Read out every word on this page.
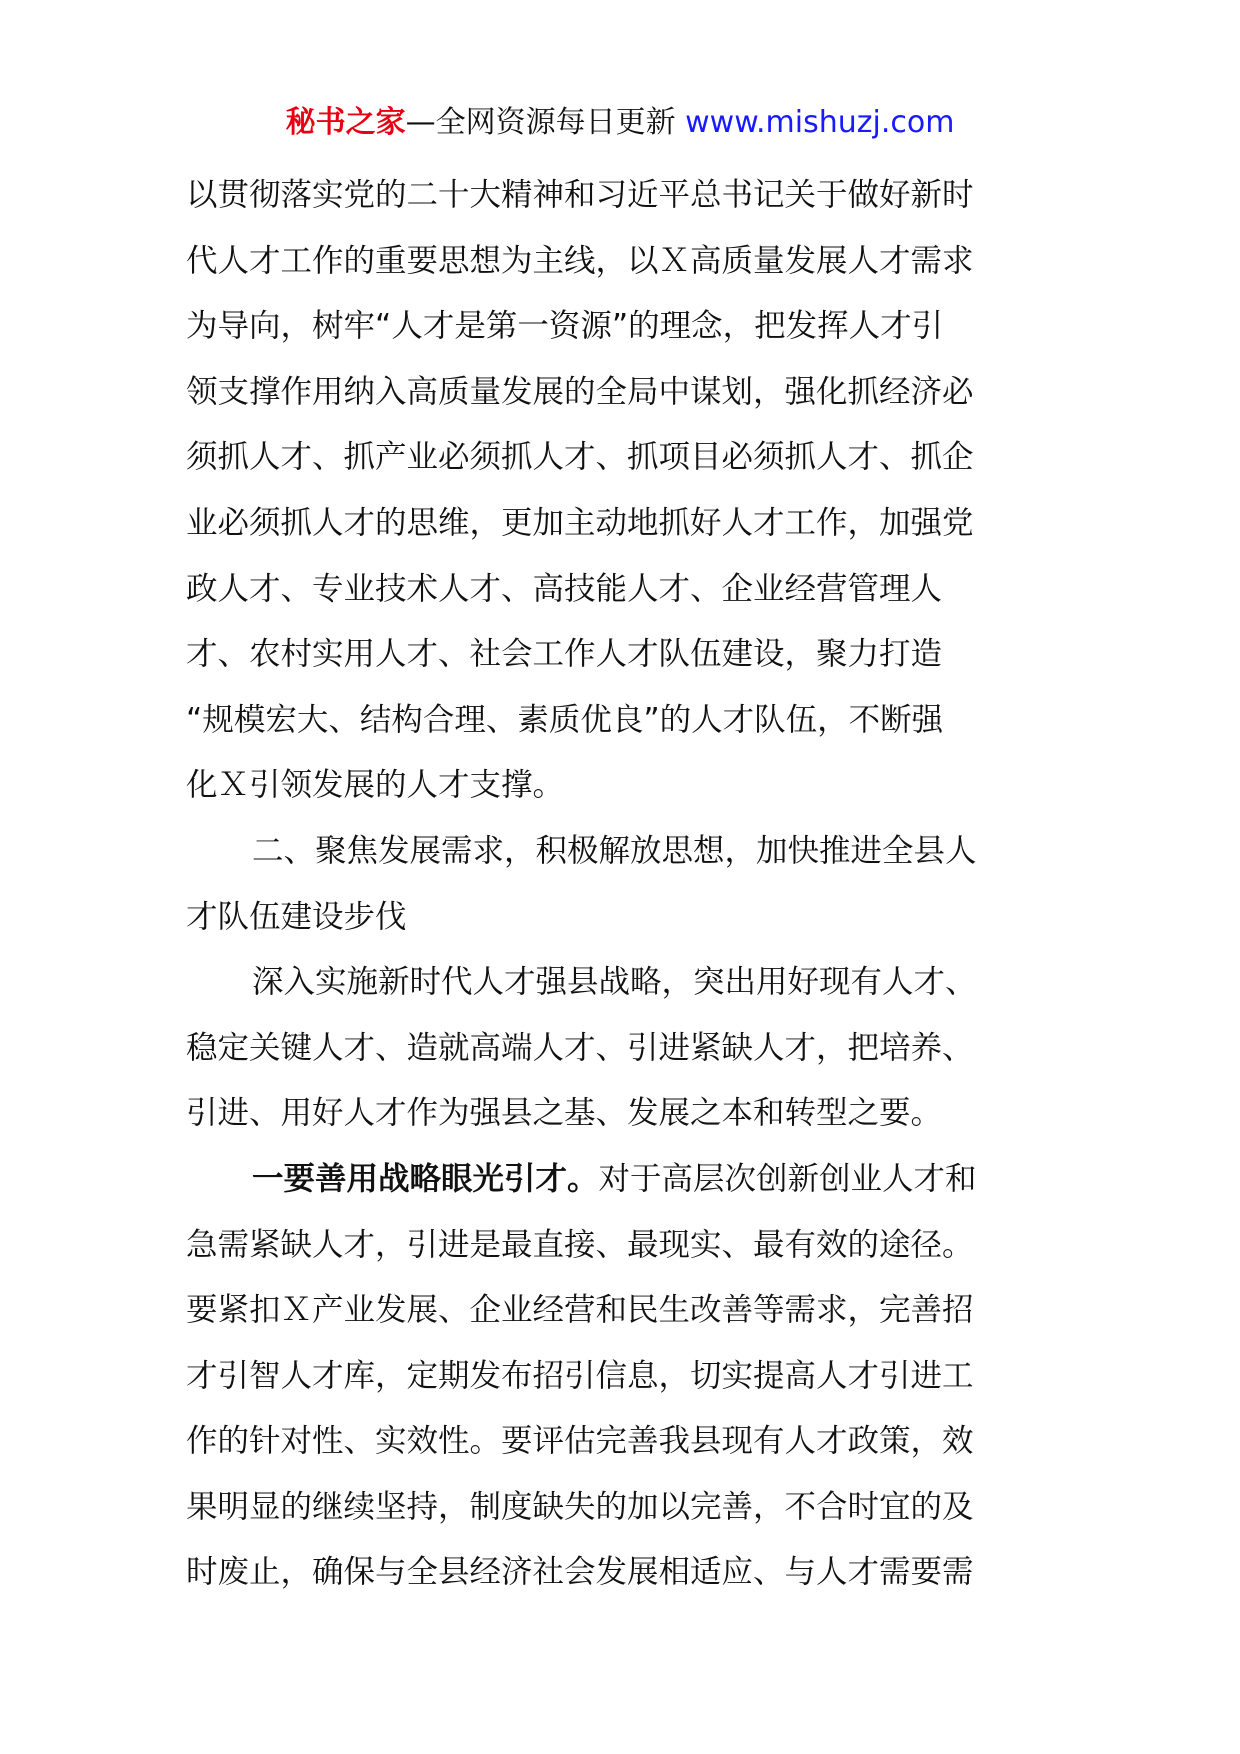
秘书之家—全网资源每日更新 www.mishuzj.com
以贯彻落实党的二十大精神和习近平总书记关于做好新时
代人才工作的重要思想为主线，以Ｘ高质量发展人才需求
为导向，树牢“人才是第一资源”的理念，把发挥人才引
领支撑作用纳入高质量发展的全局中谋划，强化抓经济必
须抓人才、抓产业必须抓人才、抓项目必须抓人才、抓企
业必须抓人才的思维，更加主动地抓好人才工作，加强党
政人才、专业技术人才、高技能人才、企业经营管理人
才、农村实用人才、社会工作人才队伍建设，聚力打造
“规模宏大、结构合理、素质优良”的人才队伍，不断强
化Ｘ引领发展的人才支撑。
二、聚焦发展需求，积极解放思想，加快推进全县人
才队伍建设步伐
深入实施新时代人才强县战略，突出用好现有人才、
稳定关键人才、造就高端人才、引进紧缺人才，把培养、
引进、用好人才作为强县之基、发展之本和转型之要。
一要善用战略眼光引才。对于高层次创新创业人才和
急需紧缺人才，引进是最直接、最现实、最有效的途径。
要紧扣Ｘ产业发展、企业经营和民生改善等需求，完善招
才引智人才库，定期发布招引信息，切实提高人才引进工
作的针对性、实效性。要评估完善我县现有人才政策，效
果明显的继续坚持，制度缺失的加以完善，不合时宜的及
时废止，确保与全县经济社会发展相适应、与人才需要需
